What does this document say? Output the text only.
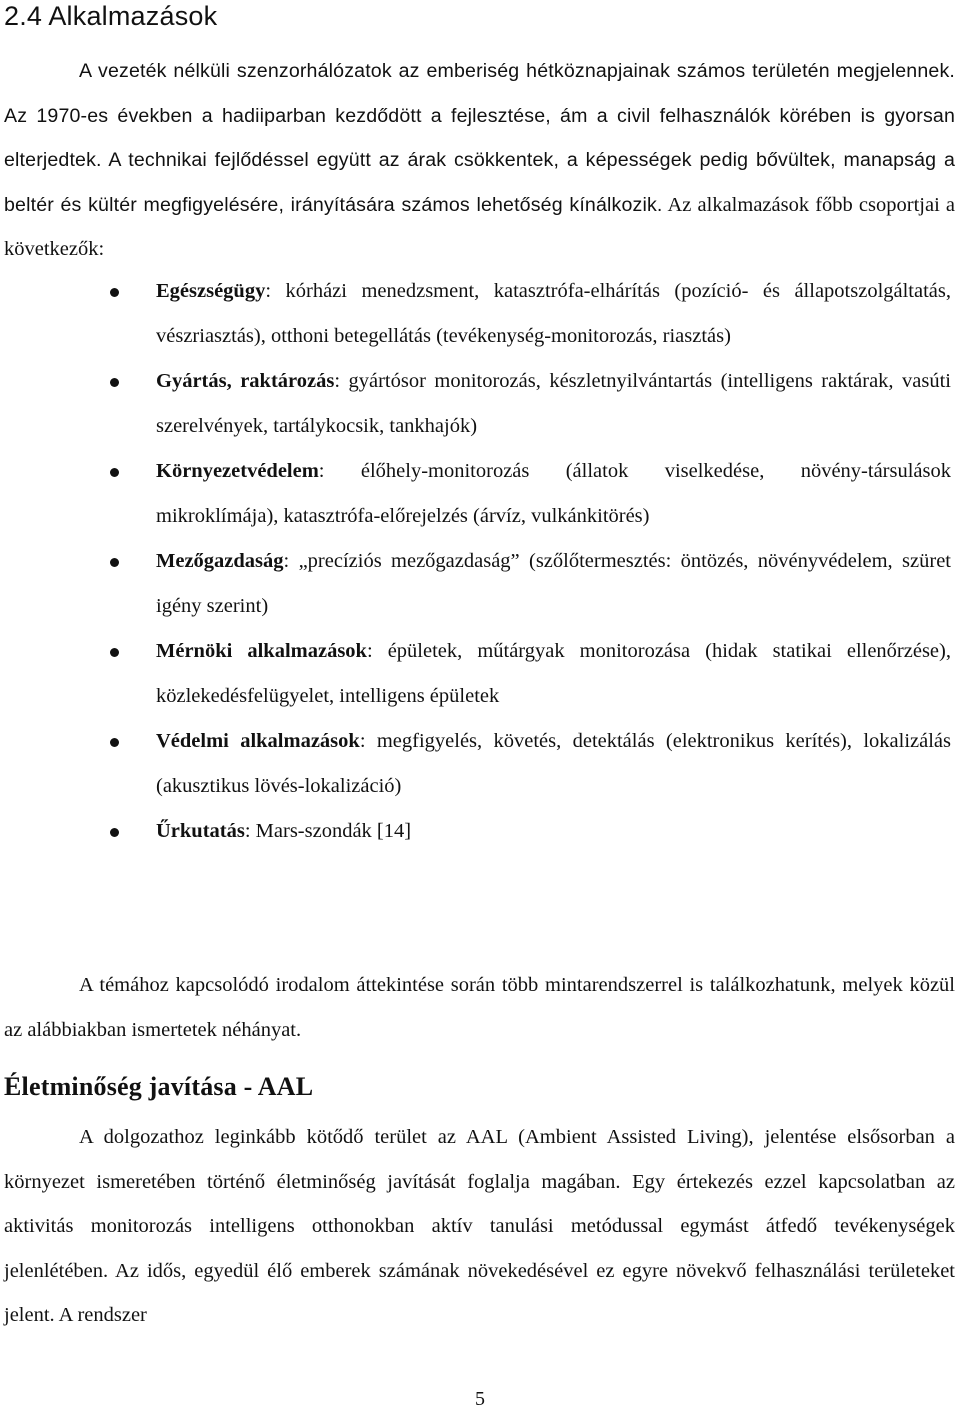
2.4 Alkalmazások

A vezeték nélküli szenzorhálózatok az emberiség hétköznapjainak számos területén megjelennek. Az 1970-es években a hadiiparban kezdődött a fejlesztése, ám a civil felhasználók körében is gyorsan elterjedtek. A technikai fejlődéssel együtt az árak csökkentek, a képességek pedig bővültek, manapság a beltér és kültér megfigyelésére, irányítására számos lehetőség kínálkozik. Az alkalmazások főbb csoportjai a következők:

Egészségügy: kórházi menedzsment, katasztrófa-elhárítás (pozíció- és állapotszolgáltatás, vészriasztás), otthoni betegellátás (tevékenység-monitorozás, riasztás)
Gyártás, raktározás: gyártósor monitorozás, készletnyilvántartás (intelligens raktárak, vasúti szerelvények, tartálykocsik, tankhajók)
Környezetvédelem: élőhely-monitorozás (állatok viselkedése, növény-társulások mikroklímája), katasztrófa-előrejelzés (árvíz, vulkánkitörés)
Mezőgazdaság: „precíziós mezőgazdaság” (szőlőtermesztés: öntözés, növényvédelem, szüret igény szerint)
Mérnöki alkalmazások: épületek, műtárgyak monitorozása (hidak statikai ellenőrzése), közlekedésfelügyelet, intelligens épületek
Védelmi alkalmazások: megfigyelés, követés, detektálás (elektronikus kerítés), lokalizálás (akusztikus lövés-lokalizáció)
Űrkutatás: Mars-szondák [14]

A témához kapcsolódó irodalom áttekintése során több mintarendszerrel is találkozhatunk, melyek közül az alábbiakban ismertetek néhányat.

Életminőség javítása - AAL

A dolgozathoz leginkább kötődő terület az AAL (Ambient Assisted Living), jelentése elsősorban a környezet ismeretében történő életminőség javítását foglalja magában. Egy értekezés ezzel kapcsolatban az aktivitás monitorozás intelligens otthonokban aktív tanulási metódussal egymást átfedő tevékenységek jelenlétében. Az idős, egyedül élő emberek számának növekedésével ez egyre növekvő felhasználási területeket jelent. A rendszer

5
